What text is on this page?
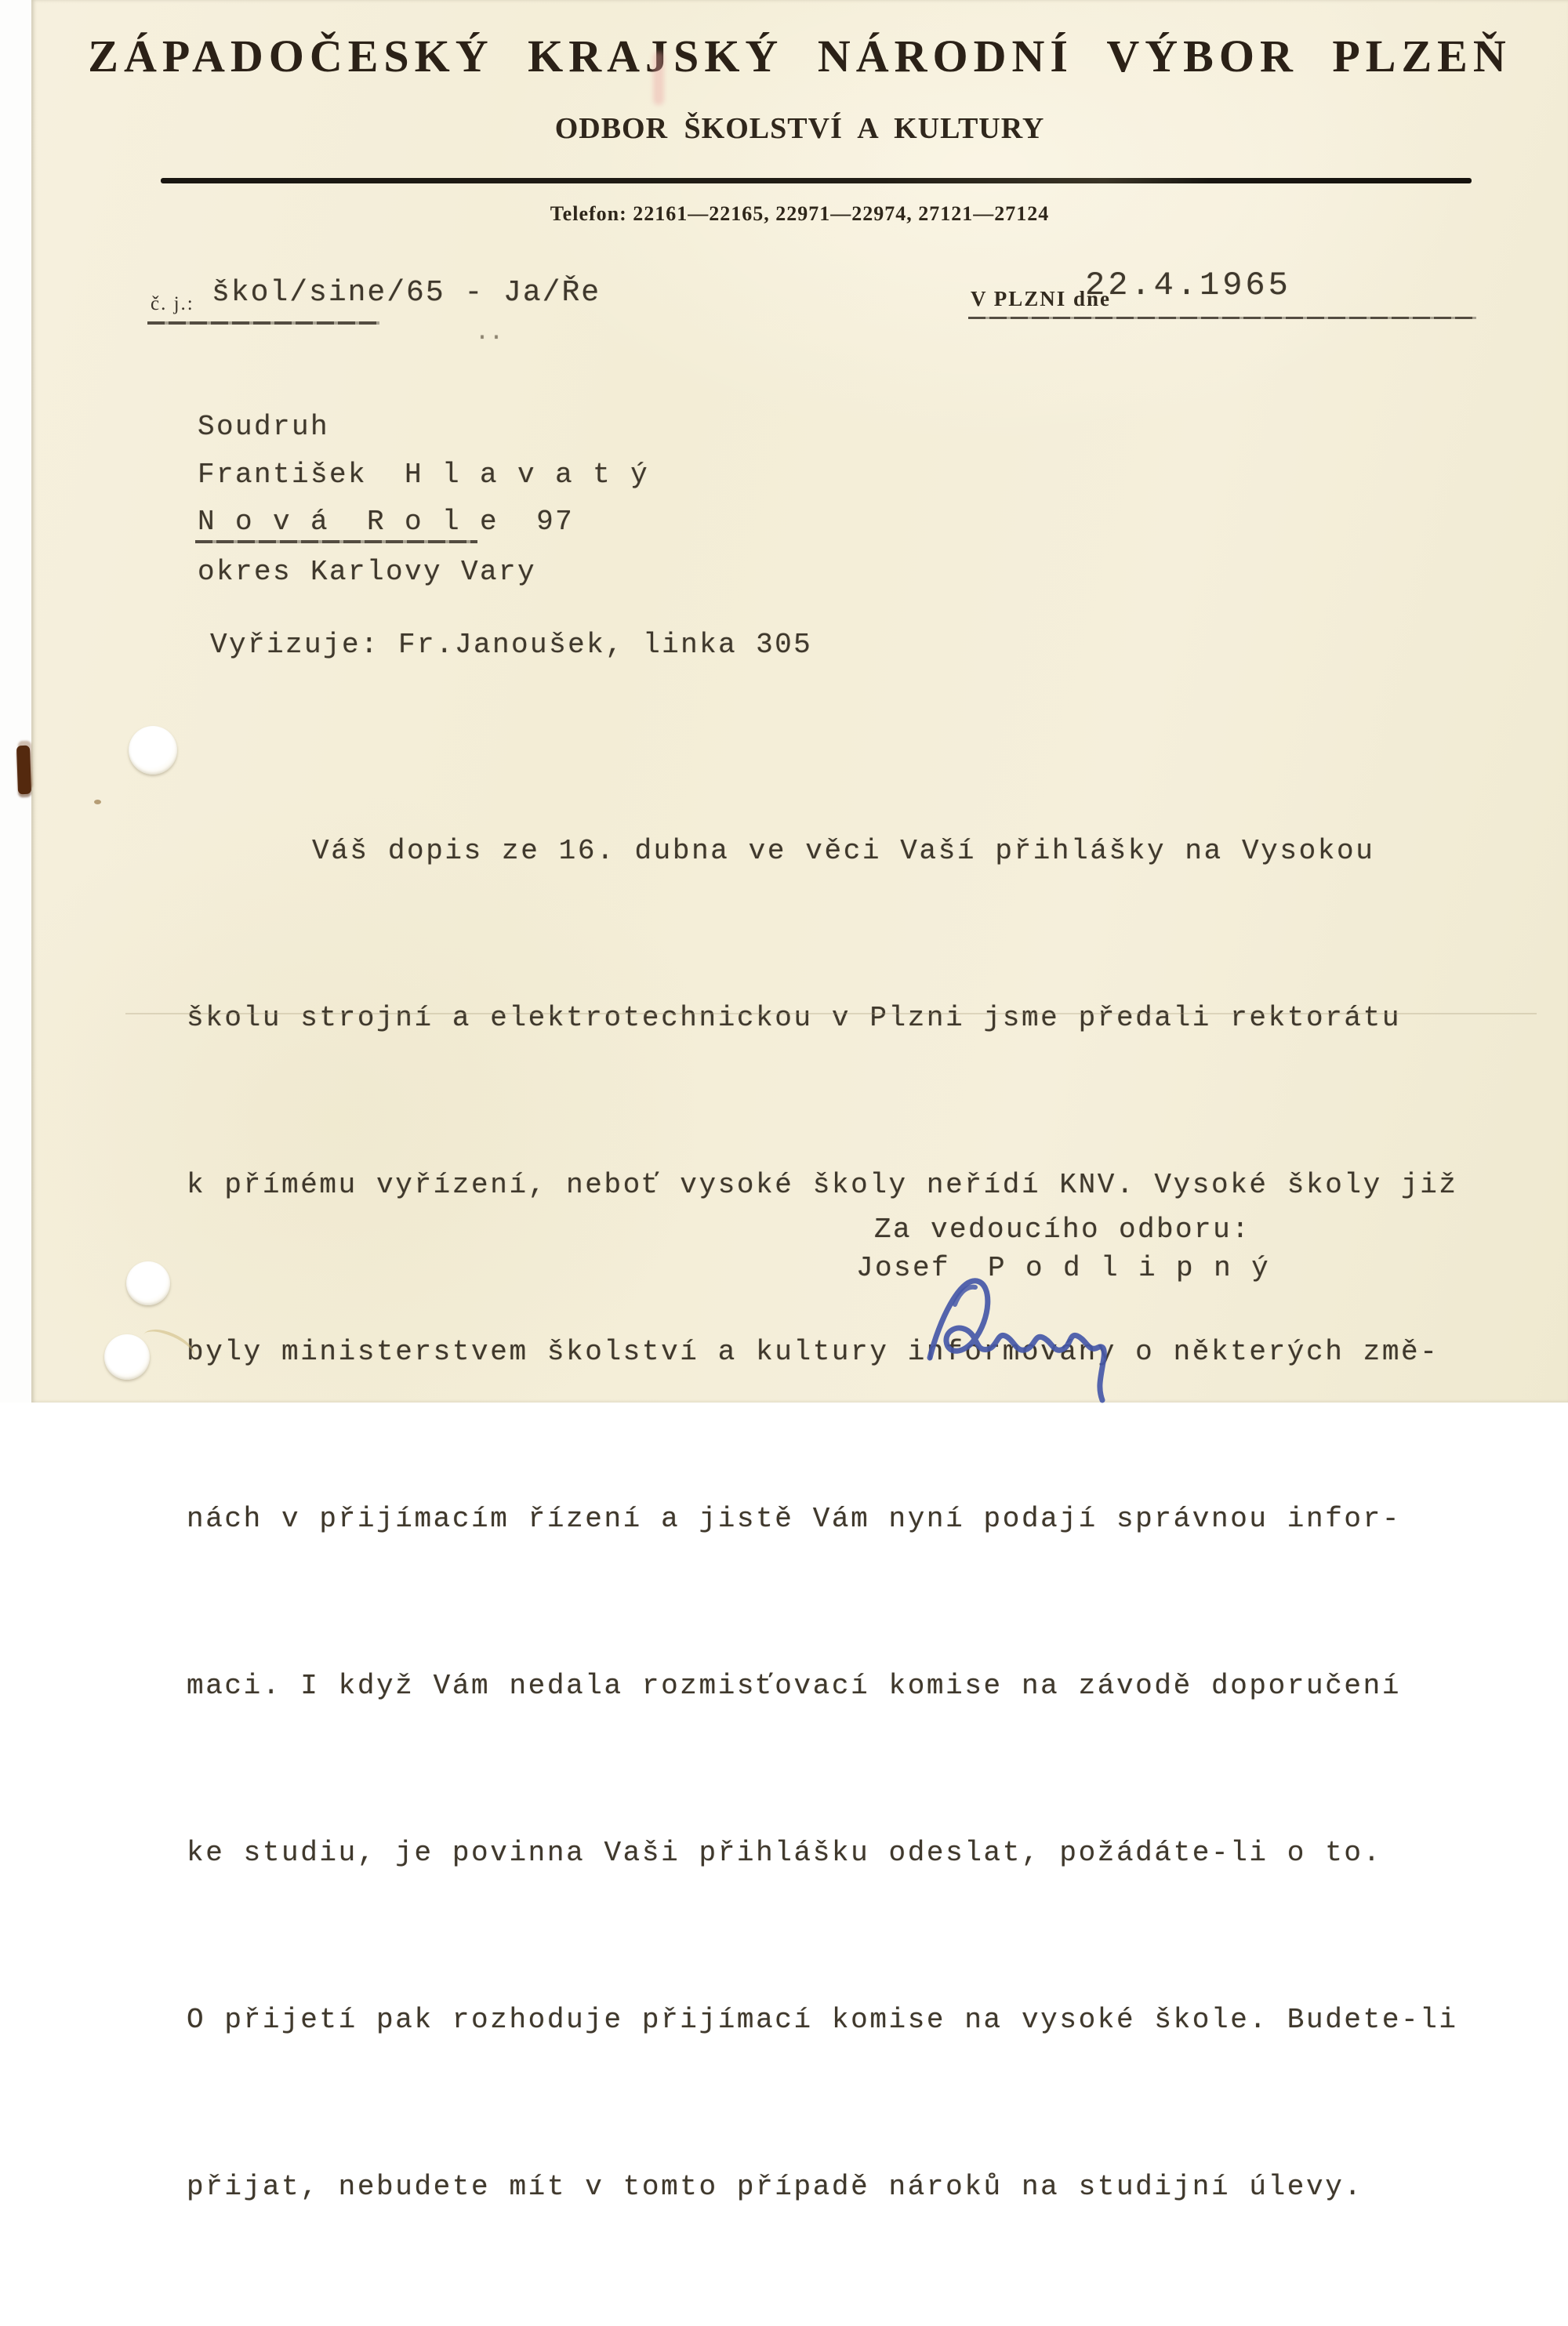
ZÁPADOČESKÝ KRAJSKÝ NÁRODNÍ VÝBOR PLZEŇ
ODBOR ŠKOLSTVÍ A KULTURY
Telefon: 22161—22165, 22971—22974, 27121—27124
č. j.: škol/sine/65 - Ja/Ře
..
V PLZNI dne
22.4.1965
Soudruh
František  H l a v a t ý
N o v á  R o l e  97
okres Karlovy Vary
Vyřizuje: Fr.Janoušek, linka 305

Váš dopis ze 16. dubna ve věci Vaší přihlášky na Vysokou

školu strojní a elektrotechnickou v Plzni jsme předali rektorátu

k přímému vyřízení, neboť vysoké školy neřídí KNV. Vysoké školy již

byly ministerstvem školství a kultury informovány o některých změ-

nách v přijímacím řízení a jistě Vám nyní podají správnou infor-

maci. I když Vám nedala rozmisťovací komise na závodě doporučení

ke studiu, je povinna Vaši přihlášku odeslat, požádáte-li o to.

O přijetí pak rozhoduje přijímací komise na vysoké škole. Budete-li

přijat, nebudete mít v tomto případě nároků na studijní úlevy.

Za vedoucího odboru:
Josef  P o d l i p n ý
